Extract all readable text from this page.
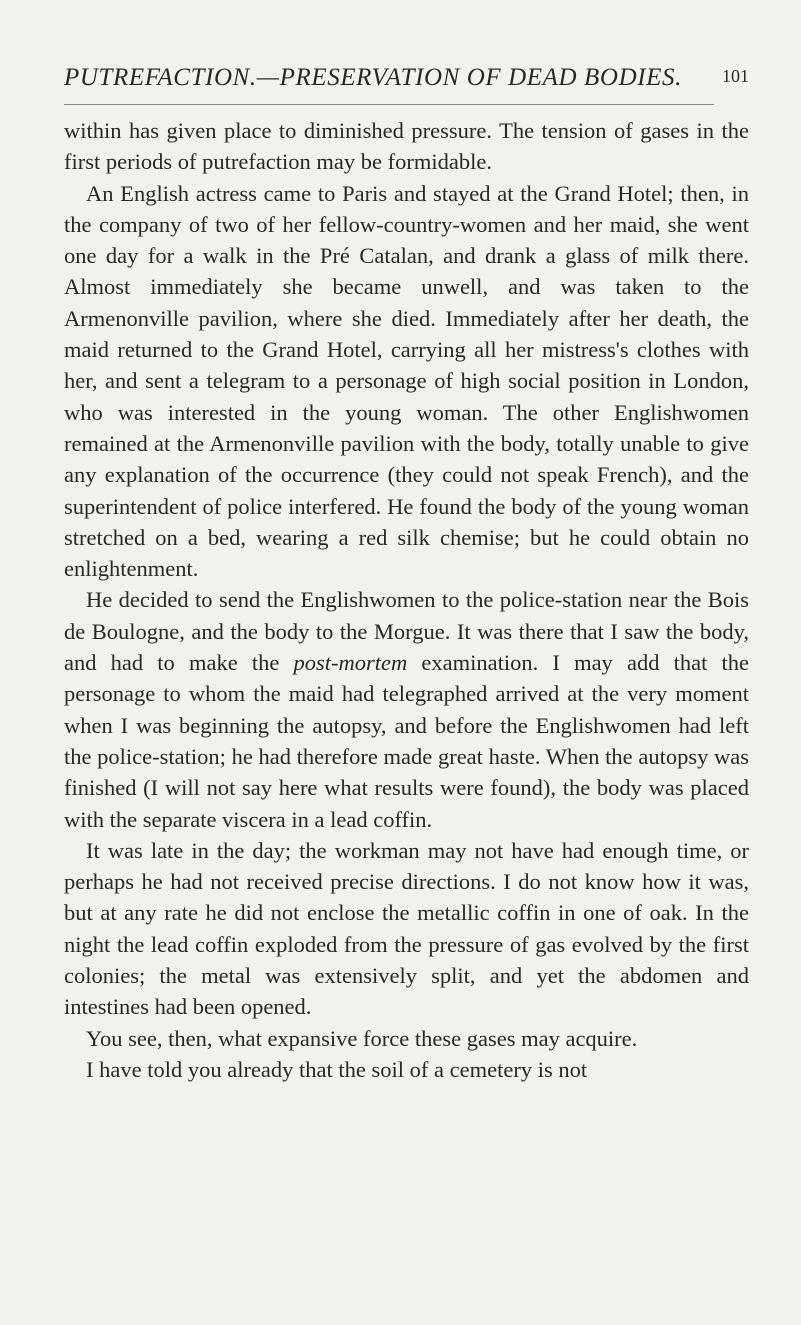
PUTREFACTION.—PRESERVATION OF DEAD BODIES. 101

within has given place to diminished pressure. The tension of gases in the first periods of putrefaction may be formidable.

An English actress came to Paris and stayed at the Grand Hotel; then, in the company of two of her fellow-country-women and her maid, she went one day for a walk in the Pré Catalan, and drank a glass of milk there. Almost immediately she became unwell, and was taken to the Armenonville pavilion, where she died. Immediately after her death, the maid returned to the Grand Hotel, carrying all her mistress's clothes with her, and sent a telegram to a personage of high social position in London, who was interested in the young woman. The other Englishwomen remained at the Armenonville pavilion with the body, totally unable to give any explanation of the occurrence (they could not speak French), and the superintendent of police interfered. He found the body of the young woman stretched on a bed, wearing a red silk chemise; but he could obtain no enlightenment.

He decided to send the Englishwomen to the police-station near the Bois de Boulogne, and the body to the Morgue. It was there that I saw the body, and had to make the post-mortem examination. I may add that the personage to whom the maid had telegraphed arrived at the very moment when I was beginning the autopsy, and before the Englishwomen had left the police-station; he had therefore made great haste. When the autopsy was finished (I will not say here what results were found), the body was placed with the separate viscera in a lead coffin.

It was late in the day; the workman may not have had enough time, or perhaps he had not received precise directions. I do not know how it was, but at any rate he did not enclose the metallic coffin in one of oak. In the night the lead coffin exploded from the pressure of gas evolved by the first colonies; the metal was extensively split, and yet the abdomen and intestines had been opened.

You see, then, what expansive force these gases may acquire.

I have told you already that the soil of a cemetery is not
